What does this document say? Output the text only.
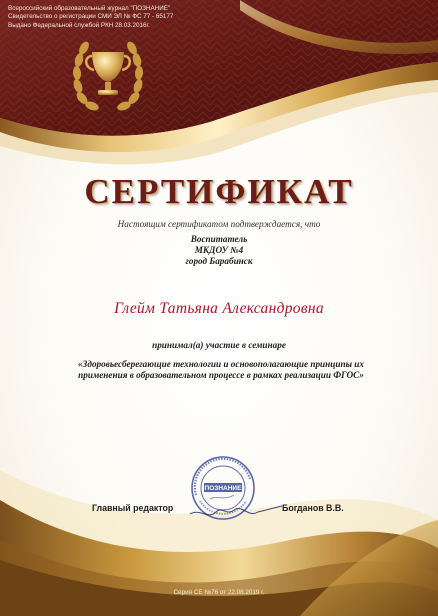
Всероссийский образовательный журнал "ПОЗНАНИЕ"
Свидетельство о регистрации СМИ ЭЛ № ФС 77 - 65177
Выдано Федеральной службой РКН 28.03.2016г.
СЕРТИФИКАТ
Настоящим сертификатом подтверждается, что
Воспитатель
МКДОУ №4
город Барабинск
Глейм Татьяна Александровна
принимал(а) участие в семинаре
«Здоровьесберегающие технологии и основополагающие принципы их применения в образовательном процессе в рамках реализации ФГОС»
Главный редактор	Богданов В.В.
ПОЗНАНИЕ
Серия СЕ №76 от 22.08.2019 г.
